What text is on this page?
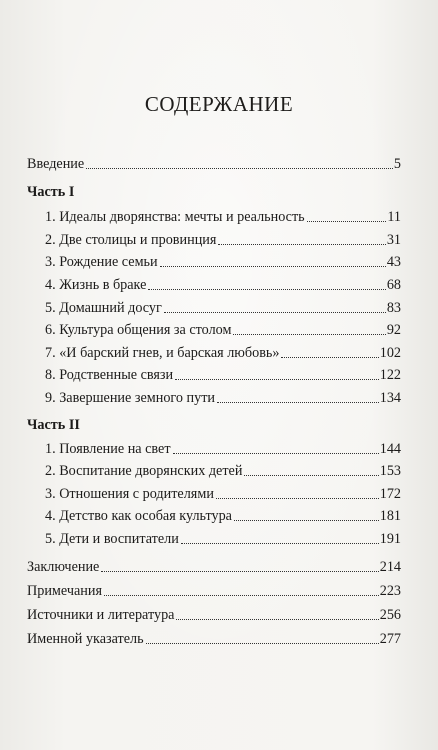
СОДЕРЖАНИЕ
Введение	5
Часть I
1. Идеалы дворянства: мечты и реальность	11
2. Две столицы и провинция	31
3. Рождение семьи	43
4. Жизнь в браке	68
5. Домашний досуг	83
6. Культура общения за столом	92
7. «И барский гнев, и барская любовь»	102
8. Родственные связи	122
9. Завершение земного пути	134
Часть II
1. Появление на свет	144
2. Воспитание дворянских детей	153
3. Отношения с родителями	172
4. Детство как особая культура	181
5. Дети и воспитатели	191
Заключение	214
Примечания	223
Источники и литература	256
Именной указатель	277
